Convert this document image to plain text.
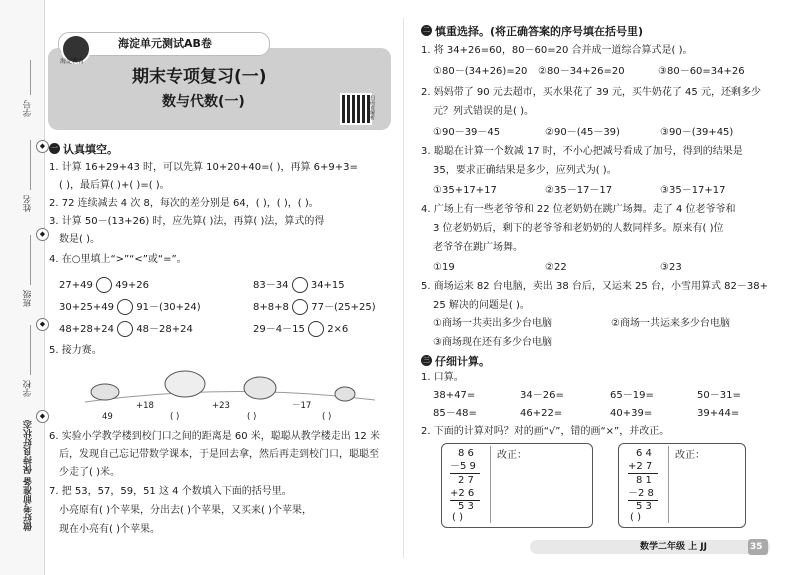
学号
姓名
班级
学校
做好考前准备 保持良好状态
◆
◆
◆
◆
海淀教育
海淀单元测试AB卷
期末专项复习(一)
数与代数(一)	扫码看解析
一 认真填空。
1. 计算 16+29+43 时，可以先算 10+20+40=( )，再算 6+9+3=
( )，最后算( )+( )=( )。
2. 72 连续减去 4 次 8，每次的差分别是 64，( )，( )，( )。
3. 计算 50－(13+26) 时，应先算( )法，再算( )法，算式的得
数是( )。
4. 在○里填上“>”“<”或“=”。
27+49 49+26	83－34 34+15
30+25+49 91－(30+24)	8+8+8 77－(25+25)
48+28+24 48－28+24	29－4－15 2×6
5. 接力赛。
49
+18	+23	－17
( )	( )	( )
6. 实验小学教学楼到校门口之间的距离是 60 米，聪聪从教学楼走出 12 米
后，发现自己忘记带数学课本，于是回去拿，然后再走到校门口，聪聪至
少走了( )米。
7. 把 53，57，59，51 这 4 个数填入下面的括号里。
小亮原有( )个苹果，分出去( )个苹果，又买来( )个苹果，
现在小亮有( )个苹果。
二 慎重选择。(将正确答案的序号填在括号里)
1. 将 34+26=60，80－60=20 合并成一道综合算式是( )。
①80－(34+26)=20 ②80－34+26=20	③80－60=34+26
2. 妈妈带了 90 元去超市，买水果花了 39 元，买牛奶花了 45 元，还剩多少
元？列式错误的是( )。
①90－39－45	②90－(45－39)	③90－(39+45)
3. 聪聪在计算一个数减 17 时，不小心把减号看成了加号，得到的结果是
35，要求正确结果是多少，应列式为( )。
①35+17+17	②35－17－17	③35－17+17
4. 广场上有一些老爷爷和 22 位老奶奶在跳广场舞。走了 4 位老爷爷和
3 位老奶奶后，剩下的老爷爷和老奶奶的人数同样多。原来有( )位
老爷爷在跳广场舞。
①19	②22	③23
5. 商场运来 82 台电脑，卖出 38 台后，又运来 25 台，小雪用算式 82－38+
25 解决的问题是( )。
①商场一共卖出多少台电脑	②商场一共运来多少台电脑
③商场现在还有多少台电脑
三 仔细计算。
1. 口算。
38+47=	34－26=	65－19=	50－31=
85－48=	46+22=	40+39=	39+44=
2. 下面的计算对吗？对的画“√”，错的画“×”，并改正。
8 6
－5 9
2 7
+2 6
5 3
( )
改正：	6 4
+2 7
8 1
－2 8
5 3
( )
改正：
数学二年级 上 JJ	35
